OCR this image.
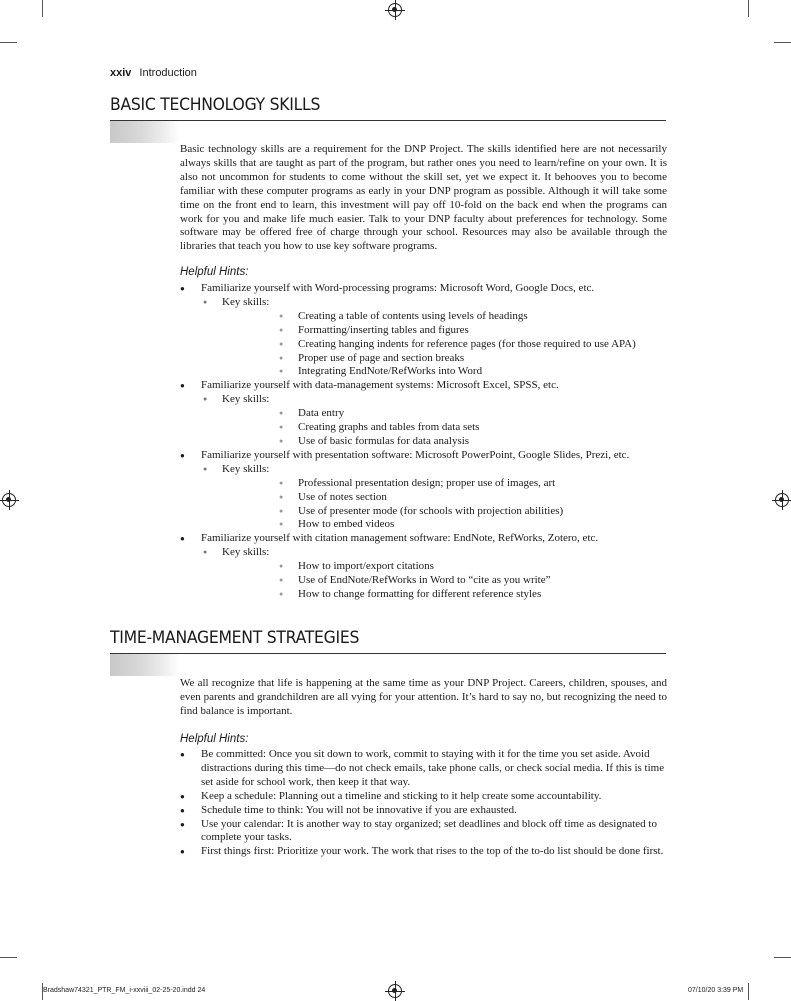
xxiv Introduction
BASIC TECHNOLOGY SKILLS
Basic technology skills are a requirement for the DNP Project. The skills identified here are not necessarily always skills that are taught as part of the program, but rather ones you need to learn/refine on your own. It is also not uncommon for students to come without the skill set, yet we expect it. It behooves you to become familiar with these computer programs as early in your DNP program as possible. Although it will take some time on the front end to learn, this investment will pay off 10-fold on the back end when the programs can work for you and make life much easier. Talk to your DNP faculty about preferences for technology. Some software may be offered free of charge through your school. Resources may also be available through the libraries that teach you how to use key software programs.
Helpful Hints:
● Familiarize yourself with Word-processing programs: Microsoft Word, Google Docs, etc.
● Key skills:
● Creating a table of contents using levels of headings
● Formatting/inserting tables and figures
● Creating hanging indents for reference pages (for those required to use APA)
● Proper use of page and section breaks
● Integrating EndNote/RefWorks into Word
● Familiarize yourself with data-management systems: Microsoft Excel, SPSS, etc.
● Key skills:
● Data entry
● Creating graphs and tables from data sets
● Use of basic formulas for data analysis
● Familiarize yourself with presentation software: Microsoft PowerPoint, Google Slides, Prezi, etc.
● Key skills:
● Professional presentation design; proper use of images, art
● Use of notes section
● Use of presenter mode (for schools with projection abilities)
● How to embed videos
● Familiarize yourself with citation management software: EndNote, RefWorks, Zotero, etc.
● Key skills:
● How to import/export citations
● Use of EndNote/RefWorks in Word to “cite as you write”
● How to change formatting for different reference styles
TIME-MANAGEMENT STRATEGIES
We all recognize that life is happening at the same time as your DNP Project. Careers, children, spouses, and even parents and grandchildren are all vying for your attention. It’s hard to say no, but recognizing the need to find balance is important.
Helpful Hints:
● Be committed: Once you sit down to work, commit to staying with it for the time you set aside. Avoid distractions during this time—do not check emails, take phone calls, or check social media. If this is time set aside for school work, then keep it that way.
● Keep a schedule: Planning out a timeline and sticking to it help create some accountability.
● Schedule time to think: You will not be innovative if you are exhausted.
● Use your calendar: It is another way to stay organized; set deadlines and block off time as designated to complete your tasks.
● First things first: Prioritize your work. The work that rises to the top of the to-do list should be done first.
Bradshaw74321_PTR_FM_i-xxviii_02-25-20.indd 24	07/10/20 3:39 PM
